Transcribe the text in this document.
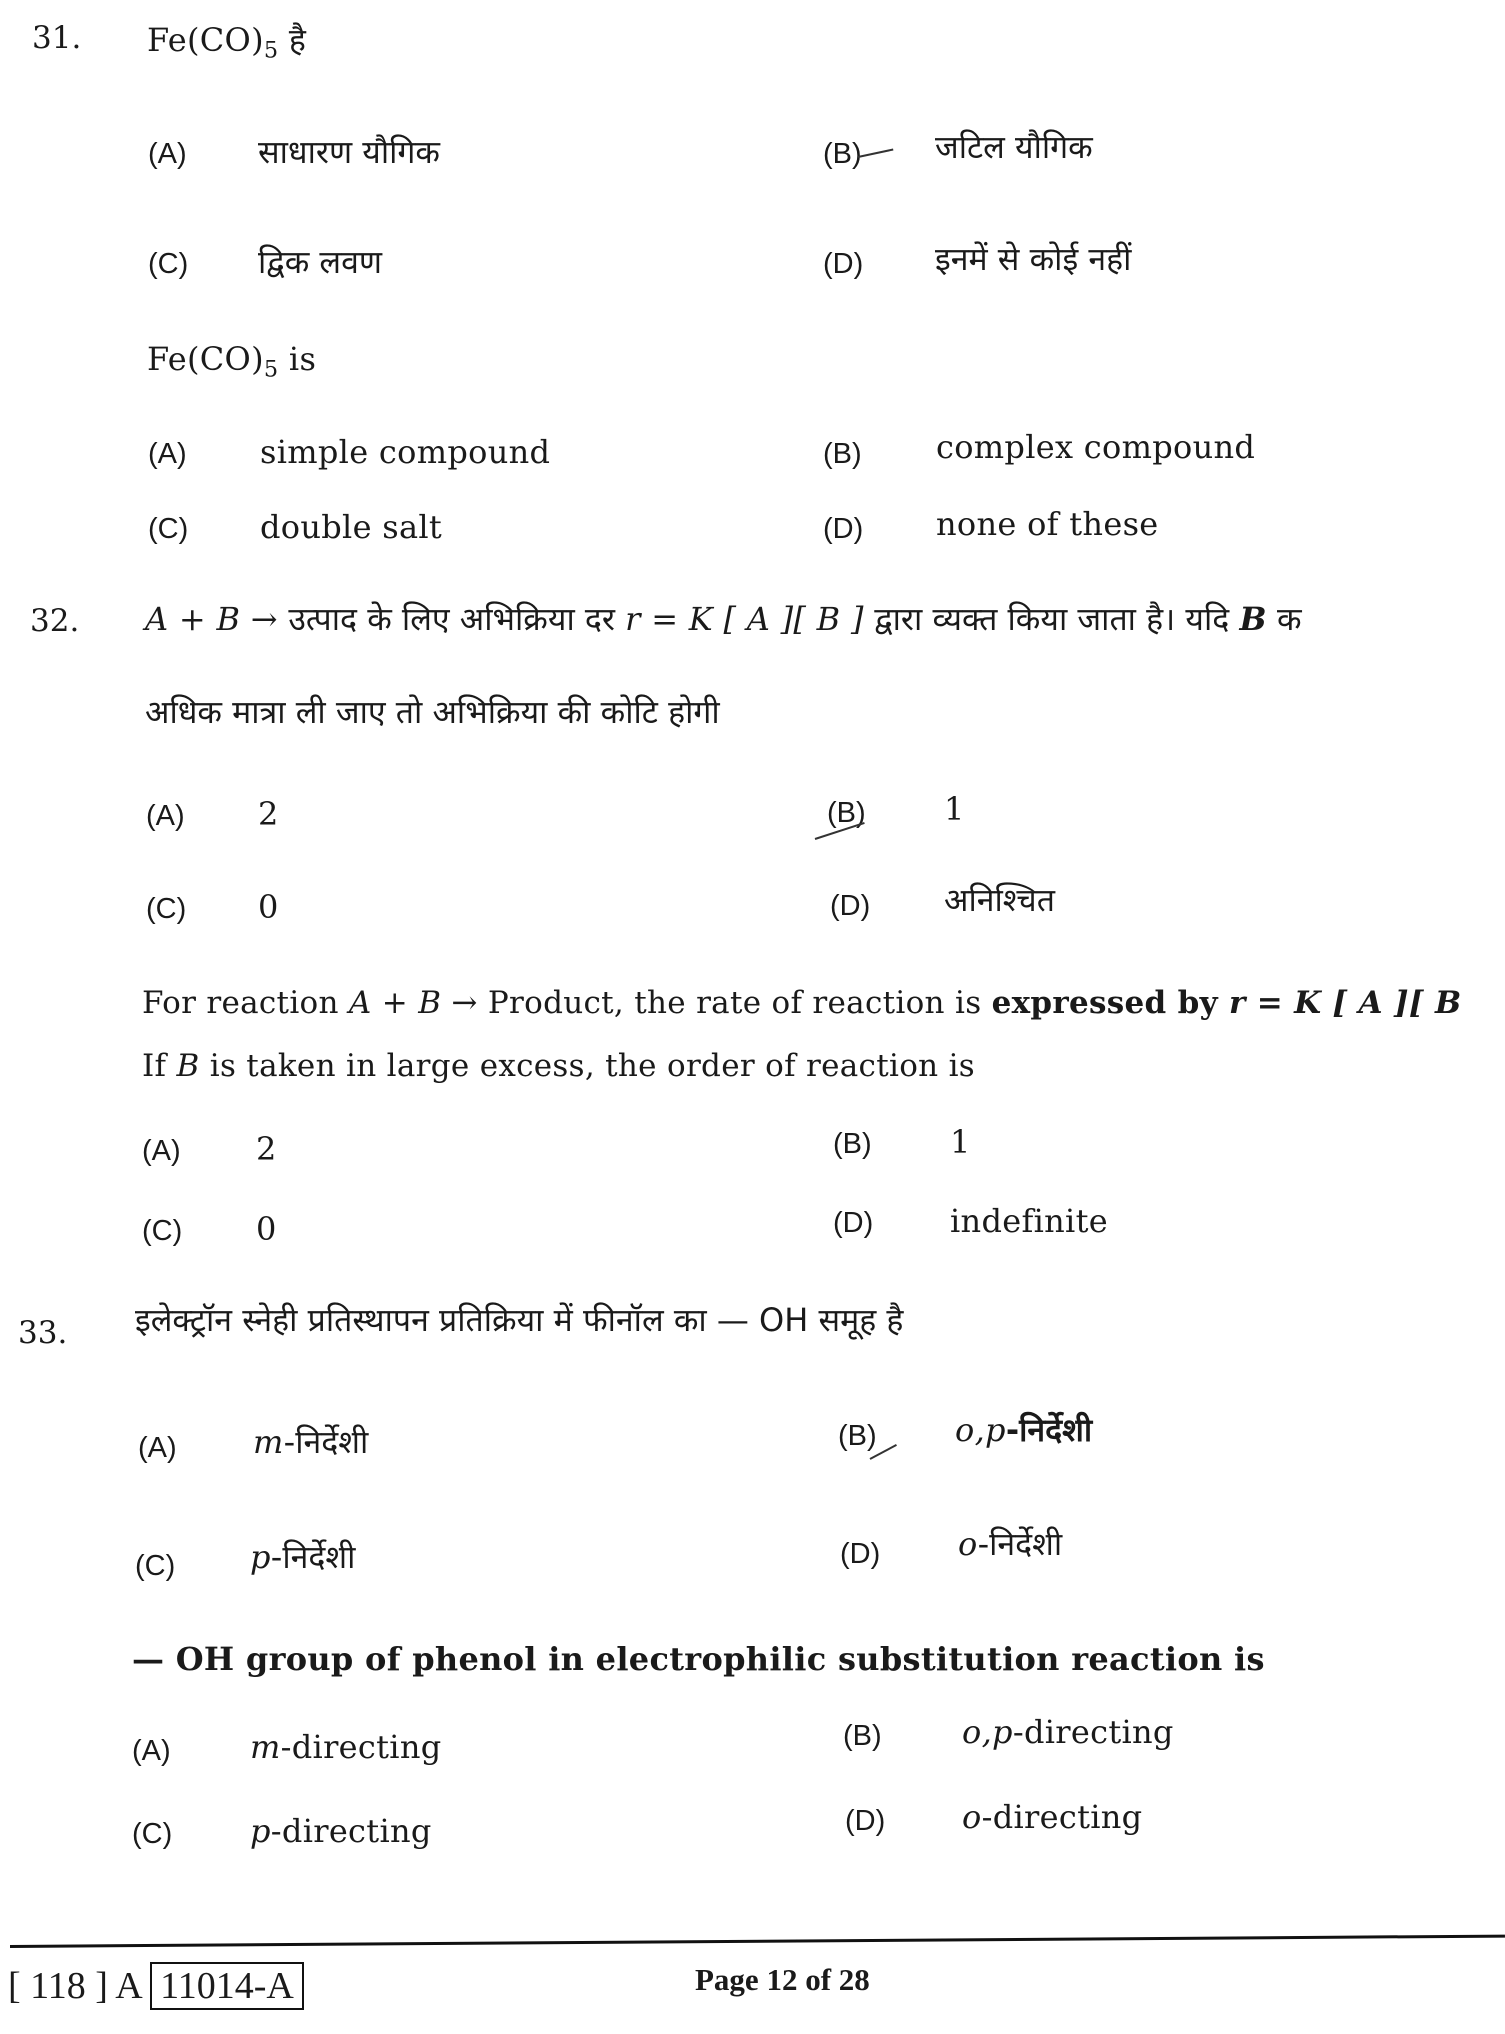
31. $Fe(CO)_5$ है
(A) साधारण यौगिक	(B) जटिल यौगिक
(C) द्विक लवण	(D) इनमें से कोई नहीं
$Fe(CO)_5$ is
(A) simple compound	(B) complex compound
(C) double salt	(D) none of these
32. A + B → उत्पाद के लिए अभिक्रिया दर r = K [ A ][ B ] द्वारा व्यक्त किया जाता है। यदि B क
अधिक मात्रा ली जाए तो अभिक्रिया की कोटि होगी
(A) 2	(B) 1
(C) 0	(D) अनिश्चित
For reaction A + B → Product, the rate of reaction is expressed by r = K [ A ][ B
If B is taken in large excess, the order of reaction is
(A) 2	(B) 1
(C) 0	(D) indefinite
33. इलेक्ट्रॉन स्नेही प्रतिस्थापन प्रतिक्रिया में फीनॉल का — OH समूह है
(A) m-निर्देशी	(B) o,p-निर्देशी
(C) p-निर्देशी	(D) o-निर्देशी
— OH group of phenol in electrophilic substitution reaction is
(A) m-directing	(B)	o,p-directing
(C) p-directing	(D) o-directing
[ 118 ] A 11014-A	Page 12 of 28
